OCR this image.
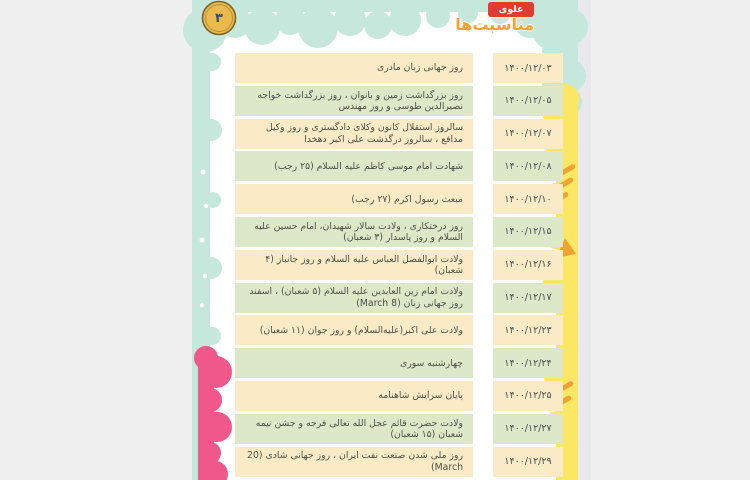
۳
علوی
مناسبت‌ها
۱۴۰۰/۱۲/۰۳
روز جهانی زبان مادری
۱۴۰۰/۱۲/۰۵
روز بزرگداشت زمین و بانوان ، روز بزرگداشت خواجه نصیرالدین طوسی و روز مهندس
۱۴۰۰/۱۲/۰۷
سالروز استقلال کانون وکلای دادگستری و روز وکیل مدافع ، سالروز درگذشت علی اکبر دهخدا
۱۴۰۰/۱۲/۰۸
شهادت امام موسی کاظم علیه السلام (۲۵ رجب)
۱۴۰۰/۱۲/۱۰
مبعث رسول اکرم (۲۷ رجب)
۱۴۰۰/۱۲/۱۵
روز درختکاری ، ولادت سالار شهیدان، امام حسین علیه السلام و روز پاسدار (۳ شعبان)
۱۴۰۰/۱۲/۱۶
ولادت ابوالفضل العباس علیه السلام و روز جانباز (۴ شعبان)
۱۴۰۰/۱۲/۱۷
ولادت امام زین العابدین علیه السلام (۵ شعبان) ، اسفند روز جهانی زنان (8 March)
۱۴۰۰/۱۲/۲۳
ولادت علی اکبر(علیه‌السلام) و روز جوان (۱۱ شعبان)
۱۴۰۰/۱۲/۲۴
چهارشنبه سوری
۱۴۰۰/۱۲/۲۵
پایان سرایش شاهنامه
۱۴۰۰/۱۲/۲۷
ولادت حضرت قائم عجل الله تعالی فرجه و جشن نیمه شعبان (۱۵ شعبان)
۱۴۰۰/۱۲/۲۹
روز ملی شدن صنعت نفت ایران ، روز جهانی شادی (20 March)
